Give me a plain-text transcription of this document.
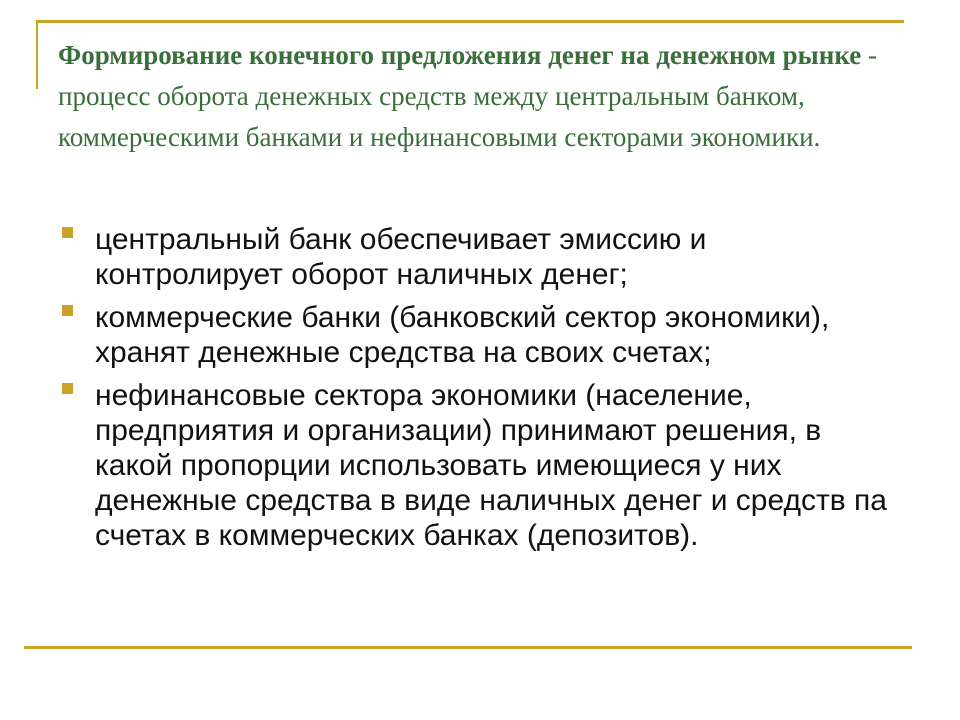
Формирование конечного предложения денег на денежном рынке - процесс оборота денежных средств между центральным банком, коммерческими банками и нефинансовыми секторами экономики.
центральный банк обеспечивает эмиссию и контролирует оборот наличных денег;
коммерческие банки (банковский сектор экономики), хранят денежные средства на своих счетах;
нефинансовые сектора экономики (население, предприятия и организации) принимают решения, в какой пропорции использовать имеющиеся у них денежные средства в виде наличных денег и средств па счетах в коммерческих банках (депозитов).
